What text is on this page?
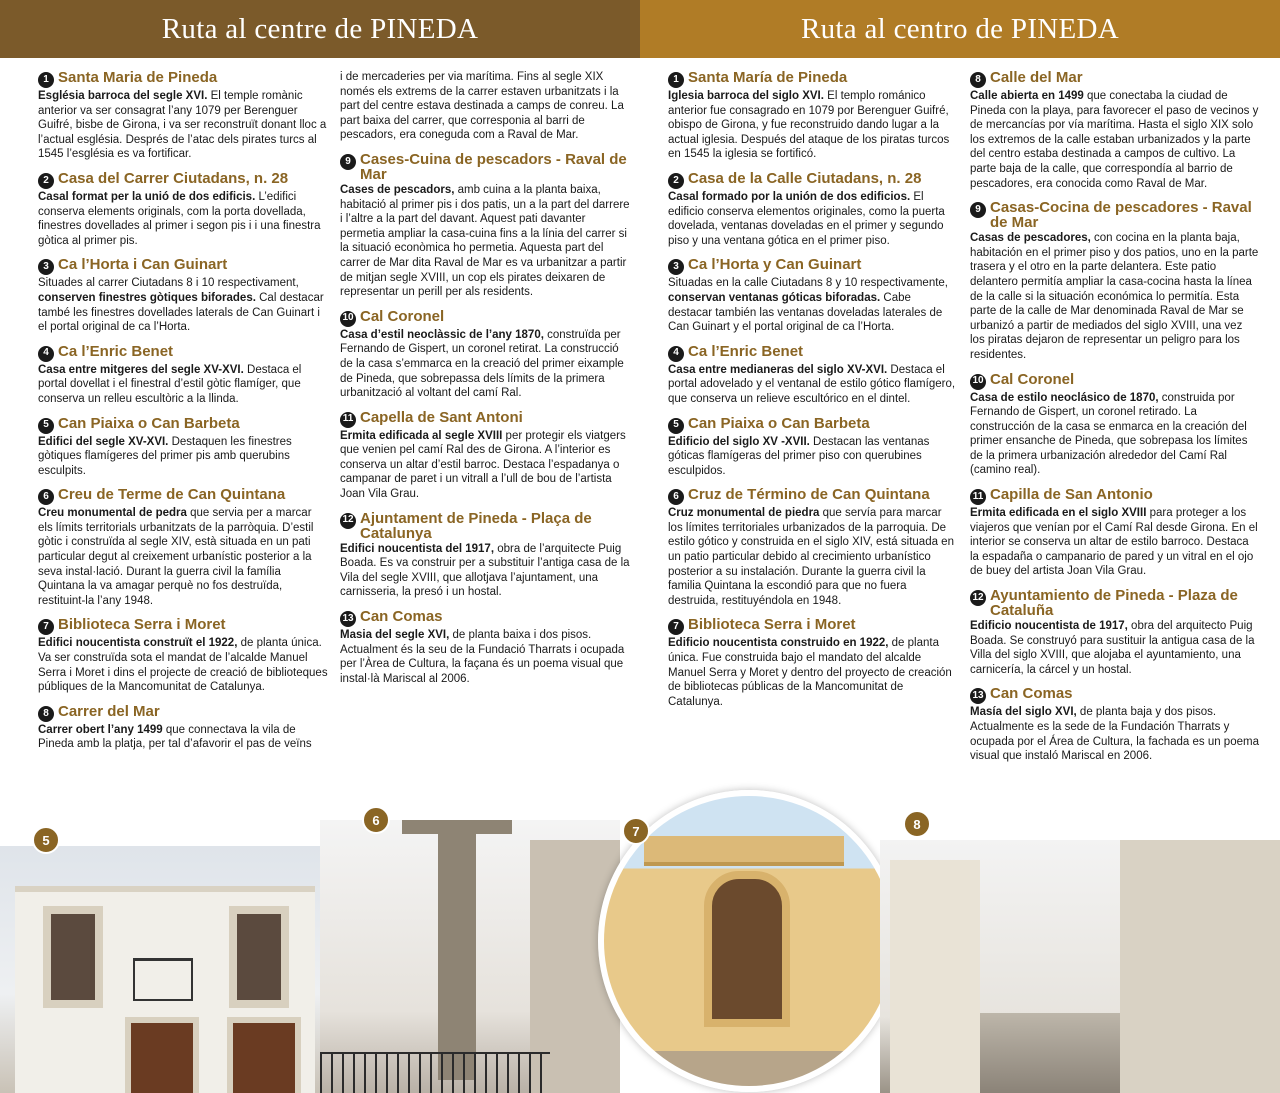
Ruta al centre de PINEDA	Ruta al centro de PINEDA
1 Santa Maria de Pineda

Església barroca del segle XVI. El temple romànic anterior va ser consagrat l’any 1079 per Berenguer Guifré, bisbe de Girona, i va ser reconstruït donant lloc a l’actual església. Després de l’atac dels pirates turcs al 1545 l’església es va fortificar.

2 Casa del Carrer Ciutadans, n. 28

Casal format per la unió de dos edificis. L’edifici conserva elements originals, com la porta dovellada, finestres dovellades al primer i segon pis i i una finestra gòtica al primer pis.

3 Ca l’Horta i Can Guinart

Situades al carrer Ciutadans 8 i 10 respectivament, conserven finestres gòtiques biforades. Cal destacar també les finestres dovellades laterals de Can Guinart i el portal original de ca l’Horta.

4 Ca l’Enric Benet

Casa entre mitgeres del segle XV-XVI. Destaca el portal dovellat i el finestral d’estil gòtic flamíger, que conserva un relleu escultòric a la llinda.

5 Can Piaixa o Can Barbeta

Edifici del segle XV-XVI. Destaquen les finestres gòtiques flamígeres del primer pis amb querubins esculpits.

6 Creu de Terme de Can Quintana

Creu monumental de pedra que servia per a marcar els límits territorials urbanitzats de la parròquia. D’estil gòtic i construïda al segle XIV, està situada en un pati particular degut al creixement urbanístic posterior a la seva instal·lació. Durant la guerra civil la família Quintana la va amagar perquè no fos destruïda, restituint-la l’any 1948.

7 Biblioteca Serra i Moret

Edifici noucentista construït el 1922, de planta única. Va ser construïda sota el mandat de l’alcalde Manuel Serra i Moret i dins el projecte de creació de biblioteques públiques de la Mancomunitat de Catalunya.

8 Carrer del Mar

Carrer obert l’any 1499 que connectava la vila de Pineda amb la platja, per tal d’afavorir el pas de veïns

i de mercaderies per via marítima. Fins al segle XIX només els extrems de la carrer estaven urbanitzats i la part del centre estava destinada a camps de conreu. La part baixa del carrer, que corresponia al barri de pescadors, era coneguda com a Raval de Mar.

9 Cases-Cuina de pescadors - Raval de Mar

Cases de pescadors, amb cuina a la planta baixa, habitació al primer pis i dos patis, un a la part del darrere i l’altre a la part del davant. Aquest pati davanter permetia ampliar la casa-cuina fins a la línia del carrer si la situació econòmica ho permetia. Aquesta part del carrer de Mar dita Raval de Mar es va urbanitzar a partir de mitjan segle XVIII, un cop els pirates deixaren de representar un perill per als residents.

10 Cal Coronel

Casa d’estil neoclàssic de l’any 1870, construïda per Fernando de Gispert, un coronel retirat. La construcció de la casa s’emmarca en la creació del primer eixample de Pineda, que sobrepassa dels límits de la primera urbanització al voltant del camí Ral.

11 Capella de Sant Antoni

Ermita edificada al segle XVIII per protegir els viatgers que venien pel camí Ral des de Girona. A l’interior es conserva un altar d’estil barroc. Destaca l’espadanya o campanar de paret i un vitrall a l’ull de bou de l’artista Joan Vila Grau.

12 Ajuntament de Pineda - Plaça de Catalunya

Edifici noucentista del 1917, obra de l’arquitecte Puig Boada. Es va construir per a substituir l’antiga casa de la Vila del segle XVIII, que allotjava l’ajuntament, una carnisseria, la presó i un hostal.

13 Can Comas

Masia del segle XVI, de planta baixa i dos pisos. Actualment és la seu de la Fundació Tharrats i ocupada per l’Àrea de Cultura, la façana és un poema visual que instal·là Mariscal al 2006.

1 Santa María de Pineda

Iglesia barroca del siglo XVI. El templo románico anterior fue consagrado en 1079 por Berenguer Guifré, obispo de Girona, y fue reconstruido dando lugar a la actual iglesia. Después del ataque de los piratas turcos en 1545 la iglesia se fortificó.

2 Casa de la Calle Ciutadans, n. 28

Casal formado por la unión de dos edificios. El edificio conserva elementos originales, como la puerta dovelada, ventanas doveladas en el primer y segundo piso y una ventana gótica en el primer piso.

3 Ca l’Horta y Can Guinart

Situadas en la calle Ciutadans 8 y 10 respectivamente, conservan ventanas góticas biforadas. Cabe destacar también las ventanas doveladas laterales de Can Guinart y el portal original de ca l’Horta.

4 Ca l’Enric Benet

Casa entre medianeras del siglo XV-XVI. Destaca el portal adovelado y el ventanal de estilo gótico flamígero, que conserva un relieve escultórico en el dintel.

5 Can Piaixa o Can Barbeta

Edificio del siglo XV -XVII. Destacan las ventanas góticas flamígeras del primer piso con querubines esculpidos.

6 Cruz de Término de Can Quintana

Cruz monumental de piedra que servía para marcar los límites territoriales urbanizados de la parroquia. De estilo gótico y construida en el siglo XIV, está situada en un patio particular debido al crecimiento urbanístico posterior a su instalación. Durante la guerra civil la familia Quintana la escondió para que no fuera destruida, restituyéndola en 1948.

7 Biblioteca Serra i Moret

Edificio noucentista construido en 1922, de planta única. Fue construida bajo el mandato del alcalde Manuel Serra y Moret y dentro del proyecto de creación de bibliotecas públicas de la Mancomunitat de Catalunya.

8 Calle del Mar

Calle abierta en 1499 que conectaba la ciudad de Pineda con la playa, para favorecer el paso de vecinos y de mercancías por vía marítima. Hasta el siglo XIX solo los extremos de la calle estaban urbanizados y la parte del centro estaba destinada a campos de cultivo. La parte baja de la calle, que correspondía al barrio de pescadores, era conocida como Raval de Mar.

9 Casas-Cocina de pescadores - Raval de Mar

Casas de pescadores, con cocina en la planta baja, habitación en el primer piso y dos patios, uno en la parte trasera y el otro en la parte delantera. Este patio delantero permitía ampliar la casa-cocina hasta la línea de la calle si la situación económica lo permitía. Esta parte de la calle de Mar denominada Raval de Mar se urbanizó a partir de mediados del siglo XVIII, una vez los piratas dejaron de representar un peligro para los residentes.

10 Cal Coronel

Casa de estilo neoclásico de 1870, construida por Fernando de Gispert, un coronel retirado. La construcción de la casa se enmarca en la creación del primer ensanche de Pineda, que sobrepasa los límites de la primera urbanización alrededor del Camí Ral (camino real).

11 Capilla de San Antonio

Ermita edificada en el siglo XVIII para proteger a los viajeros que venían por el Camí Ral desde Girona. En el interior se conserva un altar de estilo barroco. Destaca la espadaña o campanario de pared y un vitral en el ojo de buey del artista Joan Vila Grau.

12 Ayuntamiento de Pineda - Plaza de Cataluña

Edificio noucentista de 1917, obra del arquitecto Puig Boada. Se construyó para sustituir la antigua casa de la Villa del siglo XVIII, que alojaba el ayuntamiento, una carnicería, la cárcel y un hostal.

13 Can Comas

Masía del siglo XVI, de planta baja y dos pisos. Actualmente es la sede de la Fundación Tharrats y ocupada por el Área de Cultura, la fachada es un poema visual que instaló Mariscal en 2006.

5
6
7	8
